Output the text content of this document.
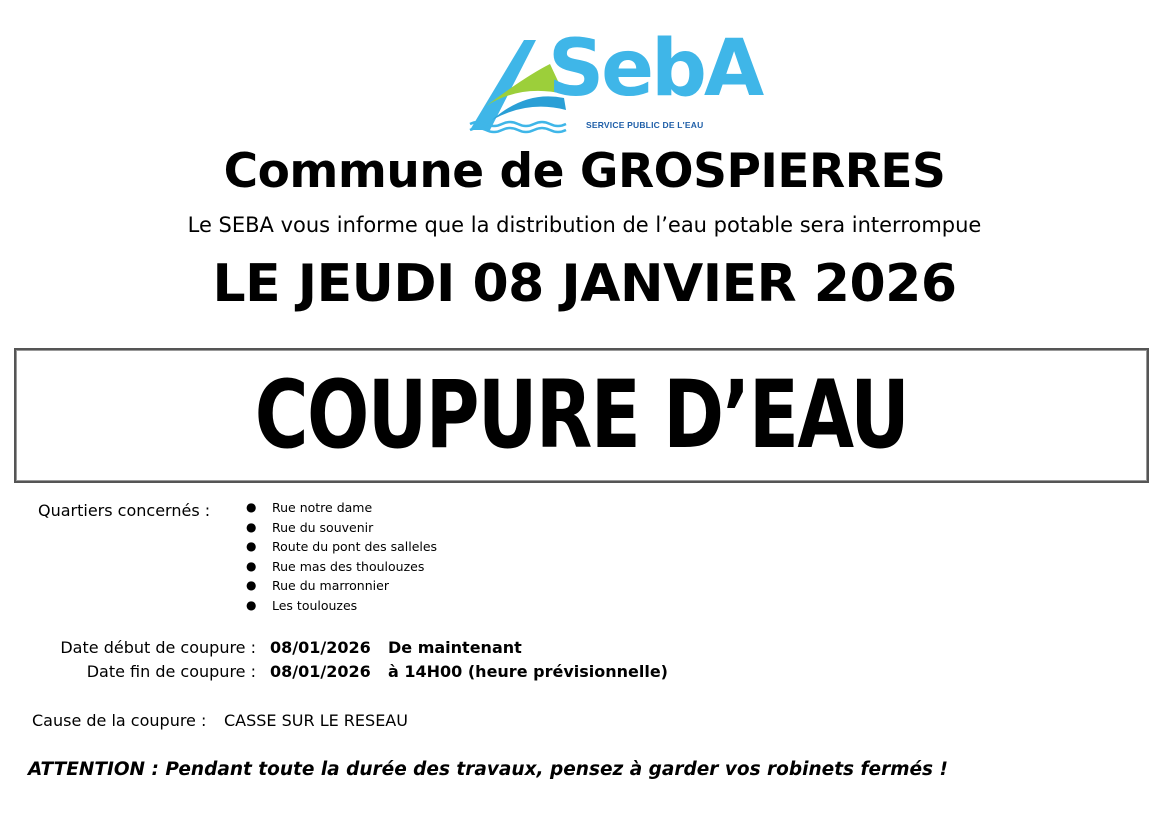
SebA
SERVICE PUBLIC DE L'EAU
Commune de GROSPIERRES
Le SEBA vous informe que la distribution de l’eau potable sera interrompue
LE JEUDI 08 JANVIER 2026
COUPURE D’EAU
Quartiers concernés :	● Rue notre dame
● Rue du souvenir
● Route du pont des salleles
● Rue mas des thoulouzes
● Rue du marronnier
● Les toulouzes
Date début de coupure : 08/01/2026 De maintenant
Date fin de coupure : 08/01/2026 à 14H00 (heure prévisionnelle)
Cause de la coupure : CASSE SUR LE RESEAU
ATTENTION : Pendant toute la durée des travaux, pensez à garder vos robinets fermés !
